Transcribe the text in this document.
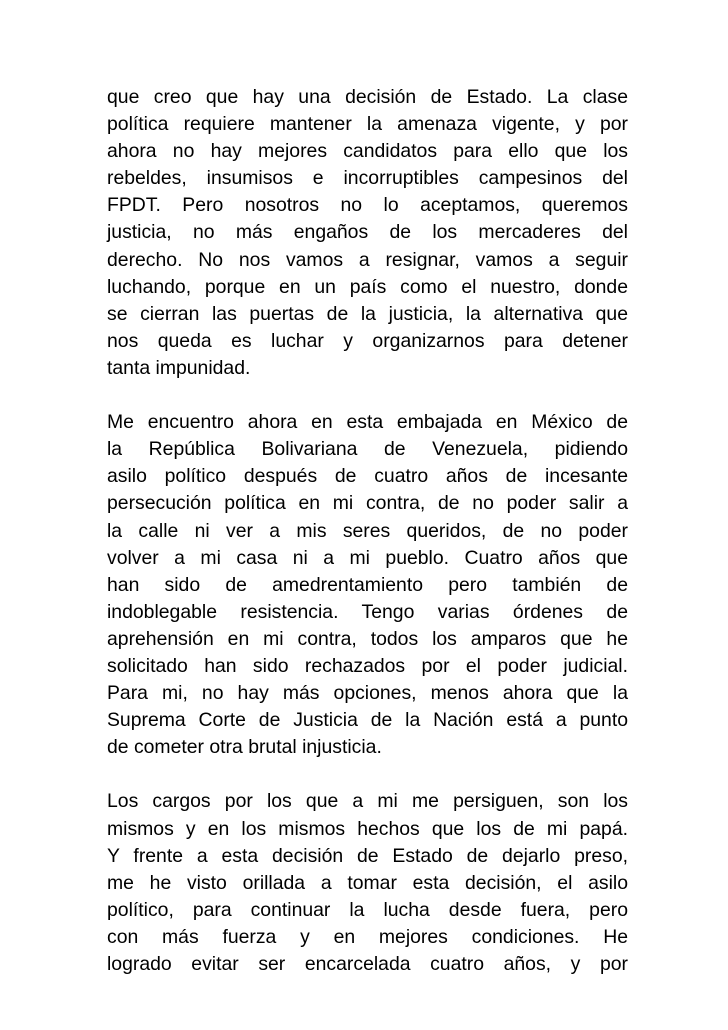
que creo que hay una decisión de Estado. La clase
política requiere mantener la amenaza vigente, y por
ahora no hay mejores candidatos para ello que los
rebeldes, insumisos e incorruptibles campesinos del
FPDT. Pero nosotros no lo aceptamos, queremos
justicia, no más engaños de los mercaderes del
derecho. No nos vamos a resignar, vamos a seguir
luchando, porque en un país como el nuestro, donde
se cierran las puertas de la justicia, la alternativa que
nos queda es luchar y organizarnos para detener
tanta impunidad.
Me encuentro ahora en esta embajada en México de
la República Bolivariana de Venezuela, pidiendo
asilo político después de cuatro años de incesante
persecución política en mi contra, de no poder salir a
la calle ni ver a mis seres queridos, de no poder
volver a mi casa ni a mi pueblo. Cuatro años que
han sido de amedrentamiento pero también de
indoblegable resistencia. Tengo varias órdenes de
aprehensión en mi contra, todos los amparos que he
solicitado han sido rechazados por el poder judicial.
Para mi, no hay más opciones, menos ahora que la
Suprema Corte de Justicia de la Nación está a punto
de cometer otra brutal injusticia.
Los cargos por los que a mi me persiguen, son los
mismos y en los mismos hechos que los de mi papá.
Y frente a esta decisión de Estado de dejarlo preso,
me he visto orillada a tomar esta decisión, el asilo
político, para continuar la lucha desde fuera, pero
con más fuerza y en mejores condiciones. He
logrado evitar ser encarcelada cuatro años, y por
